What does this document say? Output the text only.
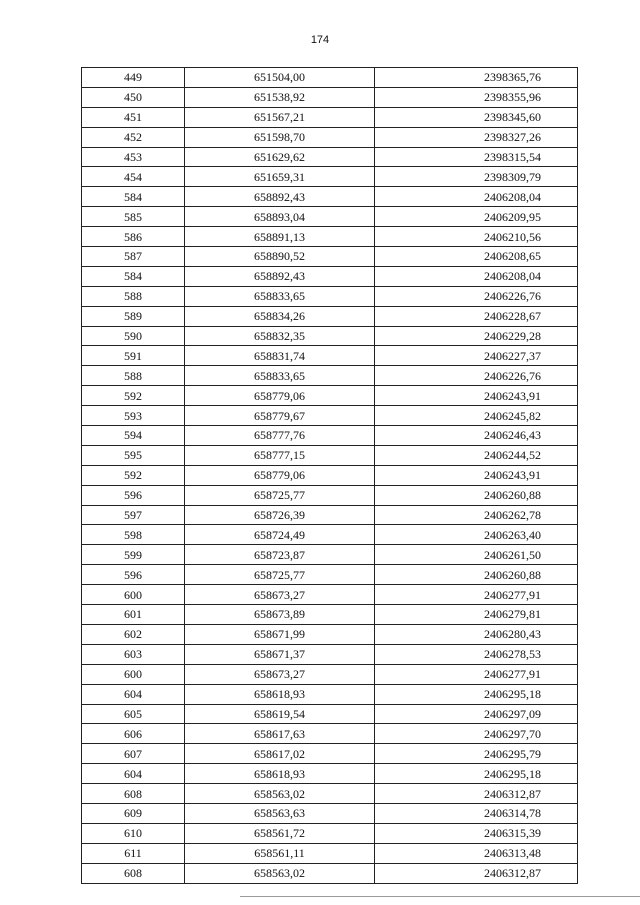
174
449	651504,00	2398365,76
450	651538,92	2398355,96
451	651567,21	2398345,60
452	651598,70	2398327,26
453	651629,62	2398315,54
454	651659,31	2398309,79
584	658892,43	2406208,04
585	658893,04	2406209,95
586	658891,13	2406210,56
587	658890,52	2406208,65
584	658892,43	2406208,04
588	658833,65	2406226,76
589	658834,26	2406228,67
590	658832,35	2406229,28
591	658831,74	2406227,37
588	658833,65	2406226,76
592	658779,06	2406243,91
593	658779,67	2406245,82
594	658777,76	2406246,43
595	658777,15	2406244,52
592	658779,06	2406243,91
596	658725,77	2406260,88
597	658726,39	2406262,78
598	658724,49	2406263,40
599	658723,87	2406261,50
596	658725,77	2406260,88
600	658673,27	2406277,91
601	658673,89	2406279,81
602	658671,99	2406280,43
603	658671,37	2406278,53
600	658673,27	2406277,91
604	658618,93	2406295,18
605	658619,54	2406297,09
606	658617,63	2406297,70
607	658617,02	2406295,79
604	658618,93	2406295,18
608	658563,02	2406312,87
609	658563,63	2406314,78
610	658561,72	2406315,39
611	658561,11	2406313,48
608	658563,02	2406312,87
